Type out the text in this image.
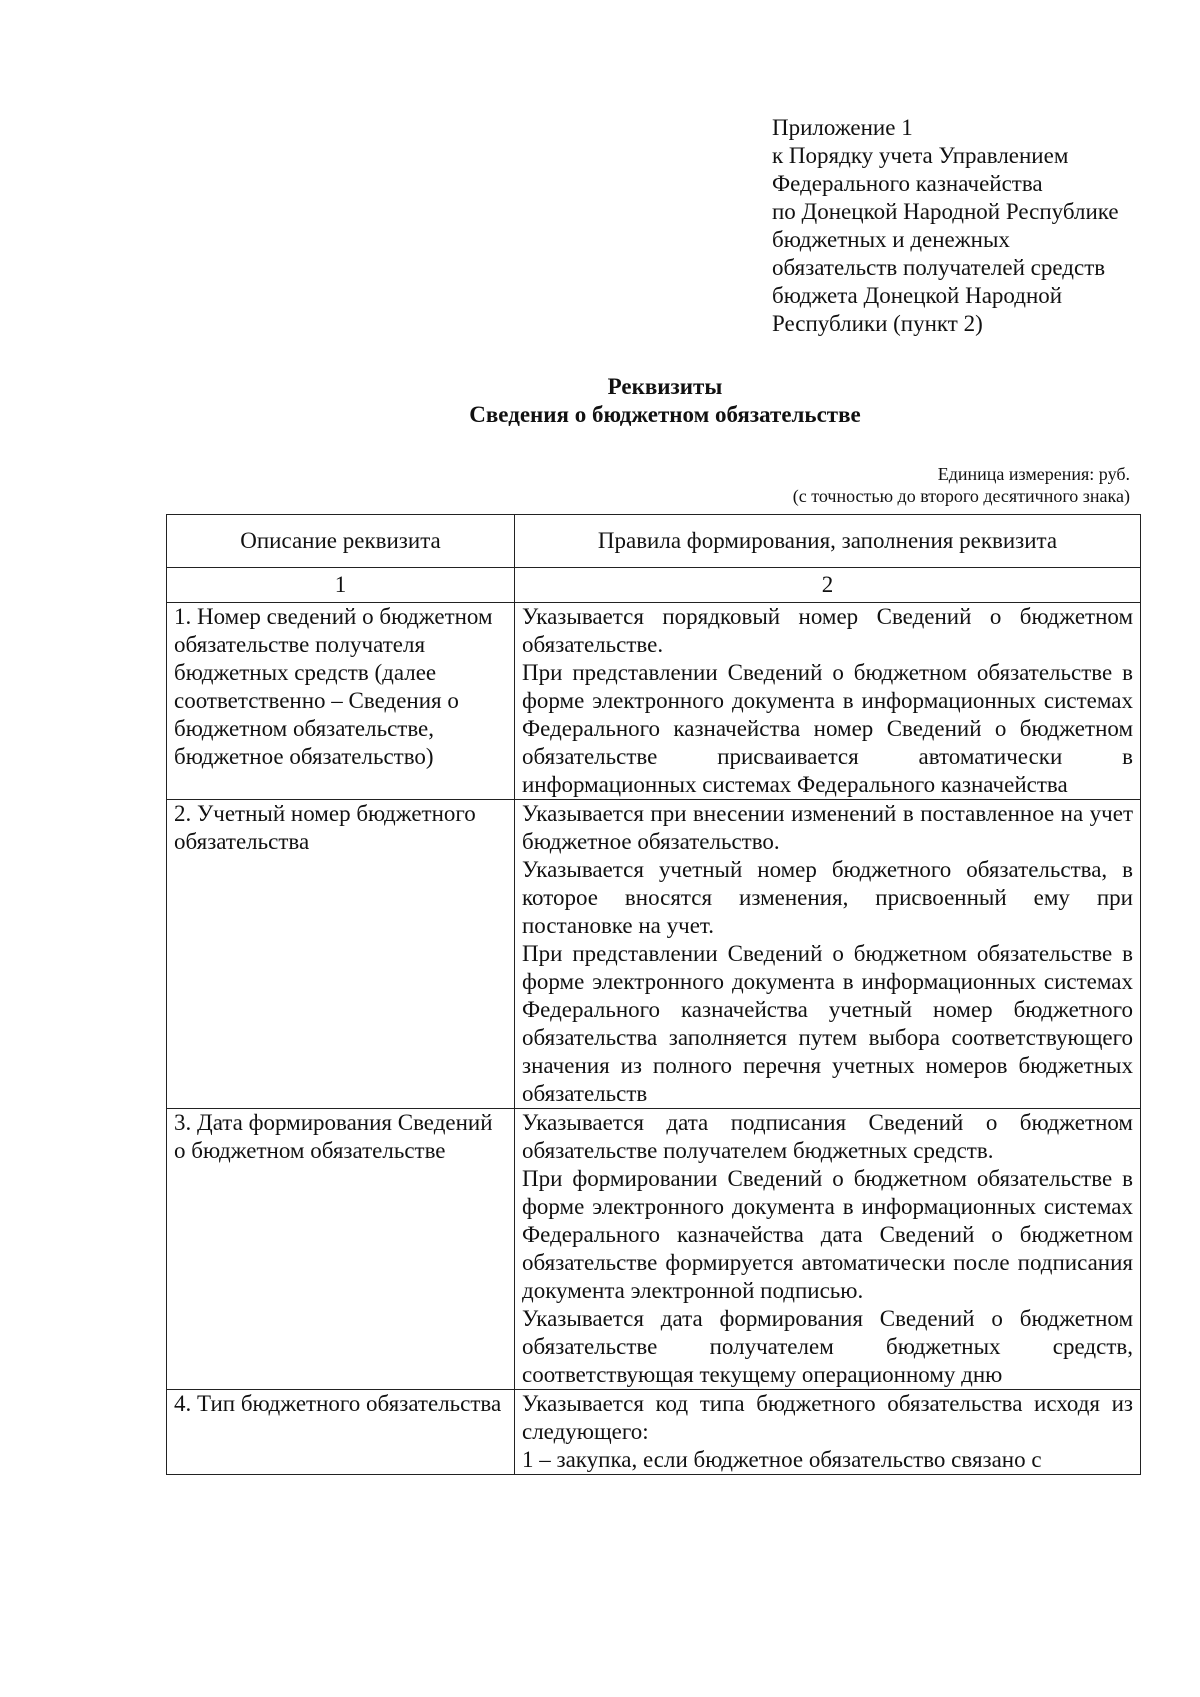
Приложение 1
к Порядку учета Управлением
Федерального казначейства
по Донецкой Народной Республике
бюджетных и денежных
обязательств получателей средств
бюджета Донецкой Народной
Республики (пункт 2)
Реквизиты
Сведения о бюджетном обязательстве
Единица измерения: руб.
(с точностью до второго десятичного знака)
Описание реквизита	Правила формирования, заполнения реквизита
1	2
1. Номер сведений о бюджетном обязательстве получателя бюджетных средств (далее соответственно – Сведения о бюджетном обязательстве, бюджетное обязательство)	Указывается порядковый номер Сведений о бюджетном обязательстве.

При представлении Сведений о бюджетном обязательстве в форме электронного документа в информационных системах Федерального казначейства номер Сведений о бюджетном обязательстве присваивается автоматически в информационных системах Федерального казначейства

2. Учетный номер бюджетного обязательства	Указывается при внесении изменений в поставленное на учет бюджетное обязательство.

Указывается учетный номер бюджетного обязательства, в которое вносятся изменения, присвоенный ему при постановке на учет.

При представлении Сведений о бюджетном обязательстве в форме электронного документа в информационных системах Федерального казначейства учетный номер бюджетного обязательства заполняется путем выбора соответствующего значения из полного перечня учетных номеров бюджетных обязательств

3. Дата формирования Сведений о бюджетном обязательстве	Указывается дата подписания Сведений о бюджетном обязательстве получателем бюджетных средств.

При формировании Сведений о бюджетном обязательстве в форме электронного документа в информационных системах Федерального казначейства дата Сведений о бюджетном обязательстве формируется автоматически после подписания документа электронной подписью.

Указывается дата формирования Сведений о бюджетном обязательстве получателем бюджетных средств, соответствующая текущему операционному дню

4. Тип бюджетного обязательства	Указывается код типа бюджетного обязательства исходя из следующего:

1 – закупка, если бюджетное обязательство связано с
